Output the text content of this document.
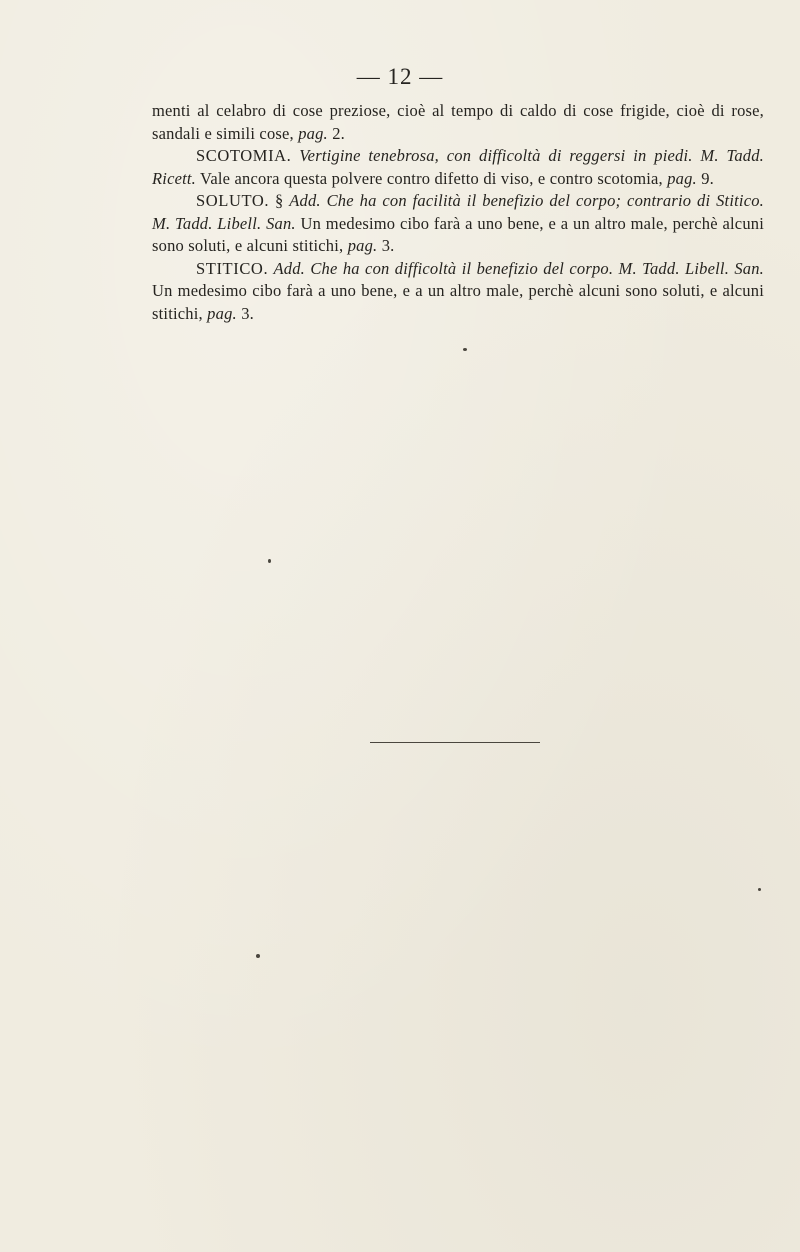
— 12 —

menti al celabro di cose preziose, cioè al tempo di caldo di cose frigide, cioè di rose, sandali e simili cose, pag. 2.

SCOTOMIA. Vertigine tenebrosa, con difficoltà di reggersi in piedi. M. Tadd. Ricett. Vale ancora questa polvere contro difetto di viso, e contro scotomia, pag. 9.

SOLUTO. § Add. Che ha con facilità il benefizio del corpo; contrario di Stitico. M. Tadd. Libell. San. Un medesimo cibo farà a uno bene, e a un altro male, perchè alcuni sono soluti, e alcuni stitichi, pag. 3.

STITICO. Add. Che ha con difficoltà il benefizio del corpo. M. Tadd. Libell. San. Un medesimo cibo farà a uno bene, e a un altro male, perchè alcuni sono soluti, e alcuni stitichi, pag. 3.
